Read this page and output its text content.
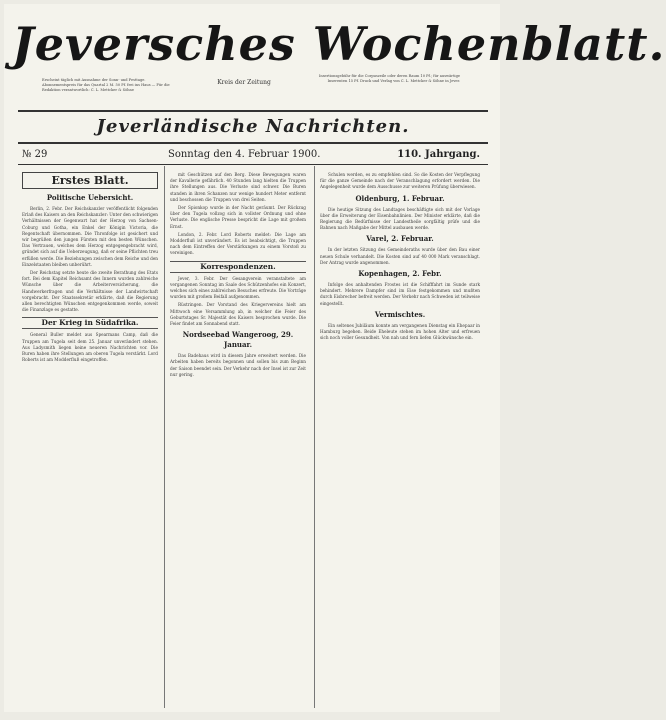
Jeversches Wochenblatt.
Erscheint täglich mit Ausnahme der Sonn- und Festtage. Abonnementspreis für das Quartal 2 M. 50 Pf. frei ins Haus — Für die Redaktion verantwortlich: C. L. Mettcker & Söhne
Kreis der Zeitung
Insertionsgebühr für die Corpuszeile oder deren Raum 10 Pf.; für auswärtige Inserenten 15 Pf. Druck und Verlag von C. L. Mettcker & Söhne in Jever.
Jeverländische Nachrichten.
№ 29	Sonntag den 4. Februar 1900.	110. Jahrgang.
Erstes Blatt.
Politische Uebersicht.

Berlin, 2. Febr. Der Reichskanzler veröffentlicht folgenden Erlaß des Kaisers an den Reichskanzler: Unter den schwierigen Verhältnissen der Gegenwart hat der Herzog von Sachsen-Coburg und Gotha, ein Enkel der Königin Victoria, die Regentschaft übernommen. Die Thronfolge ist gesichert und wir begrüßen den jungen Fürsten mit den besten Wünschen. Das Vertrauen, welches dem Herzog entgegengebracht wird, gründet sich auf die Ueberzeugung, daß er seine Pflichten treu erfüllen werde. Die Beziehungen zwischen dem Reiche und den Einzelstaaten bleiben unberührt.

Der Reichstag setzte heute die zweite Berathung des Etats fort. Bei dem Kapitel Reichsamt des Innern wurden zahlreiche Wünsche über die Arbeiterversicherung, die Handwerkerfragen und die Verhältnisse der Landwirtschaft vorgebracht. Der Staatssekretär erklärte, daß die Regierung allen berechtigten Wünschen entgegenkommen werde, soweit die Finanzlage es gestatte.

Der Krieg in Südafrika.

General Buller meldet aus Spearmans Camp, daß die Truppen am Tugela seit dem 25. Januar unverändert stehen. Aus Ladysmith liegen keine neueren Nachrichten vor. Die Buren haben ihre Stellungen am oberen Tugela verstärkt. Lord Roberts ist am Modderfluß eingetroffen.

mit Geschützen auf den Berg. Diese Bewegungen waren der Kavallerie gefährlich. 40 Stunden lang hielten die Truppen ihre Stellungen aus. Die Verluste sind schwer. Die Buren standen in ihren Schanzen nur wenige hundert Meter entfernt und beschossen die Truppen von drei Seiten.

Der Spionkop wurde in der Nacht geräumt. Der Rückzug über den Tugela vollzog sich in vollster Ordnung und ohne Verluste. Die englische Presse bespricht die Lage mit großem Ernst.

London, 2. Febr. Lord Roberts meldet: Die Lage am Modderfluß ist unverändert. Es ist beabsichtigt, die Truppen nach dem Eintreffen der Verstärkungen zu einem Vorstoß zu vereinigen.

Korrespondenzen.

Jever, 3. Febr. Der Gesangverein veranstaltete am vergangenen Sonntag im Saale des Schützenhofes ein Konzert, welches sich eines zahlreichen Besuches erfreute. Die Vorträge wurden mit großem Beifall aufgenommen.

Rüstringen. Der Vorstand des Kriegervereins hielt am Mittwoch eine Versammlung ab, in welcher die Feier des Geburtstages Sr. Majestät des Kaisers besprochen wurde. Die Feier findet am Sonnabend statt.

Nordseebad Wangeroog, 29. Januar.

Das Badehaus wird in diesem Jahre erweitert werden. Die Arbeiten haben bereits begonnen und sollen bis zum Beginn der Saison beendet sein. Der Verkehr nach der Insel ist zur Zeit nur gering.

Schulen werden, es zu empfehlen sind. So die Kosten der Verpflegung für die ganze Gemeinde nach der Veranschlagung erfordert werden. Die Angelegenheit wurde dem Ausschusse zur weiteren Prüfung überwiesen.

Oldenburg, 1. Februar.

Die heutige Sitzung des Landtages beschäftigte sich mit der Vorlage über die Erweiterung der Eisenbahnlinien. Der Minister erklärte, daß die Regierung die Bedürfnisse der Landestheile sorgfältig prüfe und die Bahnen nach Maßgabe der Mittel ausbauen werde.

Varel, 2. Februar.

In der letzten Sitzung des Gemeinderaths wurde über den Bau einer neuen Schule verhandelt. Die Kosten sind auf 40 000 Mark veranschlagt. Der Antrag wurde angenommen.

Kopenhagen, 2. Febr.

Infolge des anhaltenden Frostes ist die Schifffahrt im Sunde stark behindert. Mehrere Dampfer sind im Eise festgekommen und mußten durch Eisbrecher befreit werden. Der Verkehr nach Schweden ist teilweise eingestellt.

Vermischtes.

Ein seltenes Jubiläum konnte am vergangenen Dienstag ein Ehepaar in Hamburg begehen. Beide Eheleute stehen im hohen Alter und erfreuen sich noch voller Gesundheit. Von nah und fern liefen Glückwünsche ein.
